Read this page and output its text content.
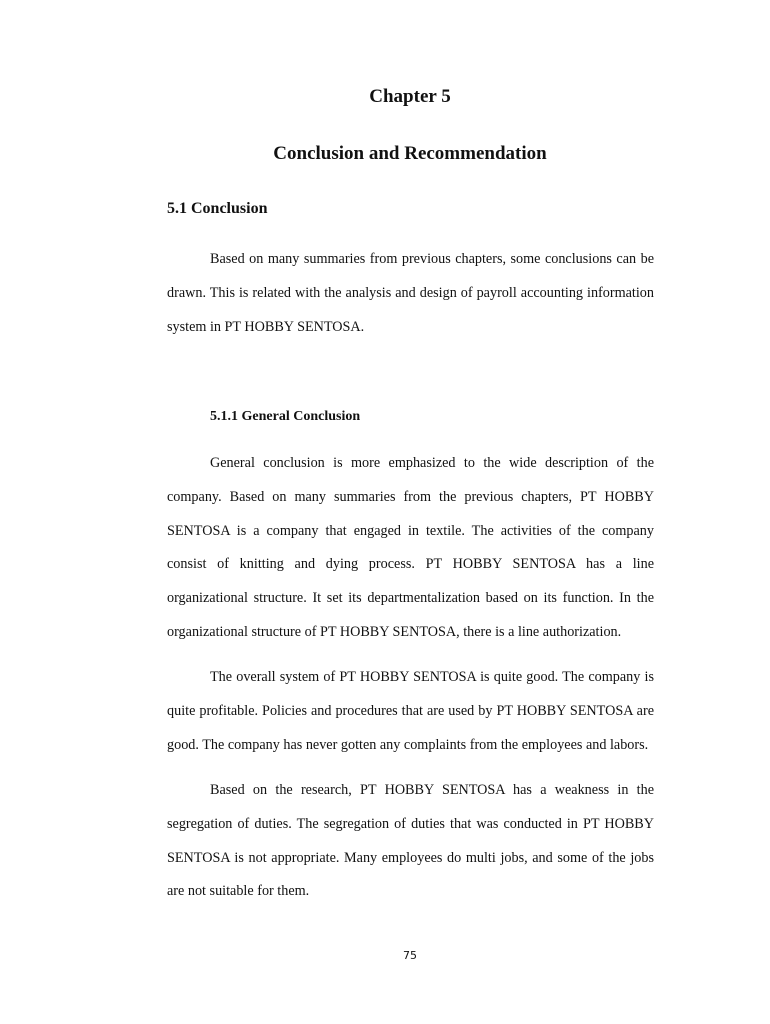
Chapter 5
Conclusion and Recommendation
5.1 Conclusion

Based on many summaries from previous chapters, some conclusions can be drawn. This is related with the analysis and design of payroll accounting information system in PT HOBBY SENTOSA.

5.1.1 General Conclusion

General conclusion is more emphasized to the wide description of the company. Based on many summaries from the previous chapters, PT HOBBY SENTOSA is a company that engaged in textile. The activities of the company consist of knitting and dying process. PT HOBBY SENTOSA has a line organizational structure. It set its departmentalization based on its function. In the organizational structure of PT HOBBY SENTOSA, there is a line authorization.

The overall system of PT HOBBY SENTOSA is quite good. The company is quite profitable. Policies and procedures that are used by PT HOBBY SENTOSA are good. The company has never gotten any complaints from the employees and labors.

Based on the research, PT HOBBY SENTOSA has a weakness in the segregation of duties. The segregation of duties that was conducted in PT HOBBY SENTOSA is not appropriate. Many employees do multi jobs, and some of the jobs are not suitable for them.

75
